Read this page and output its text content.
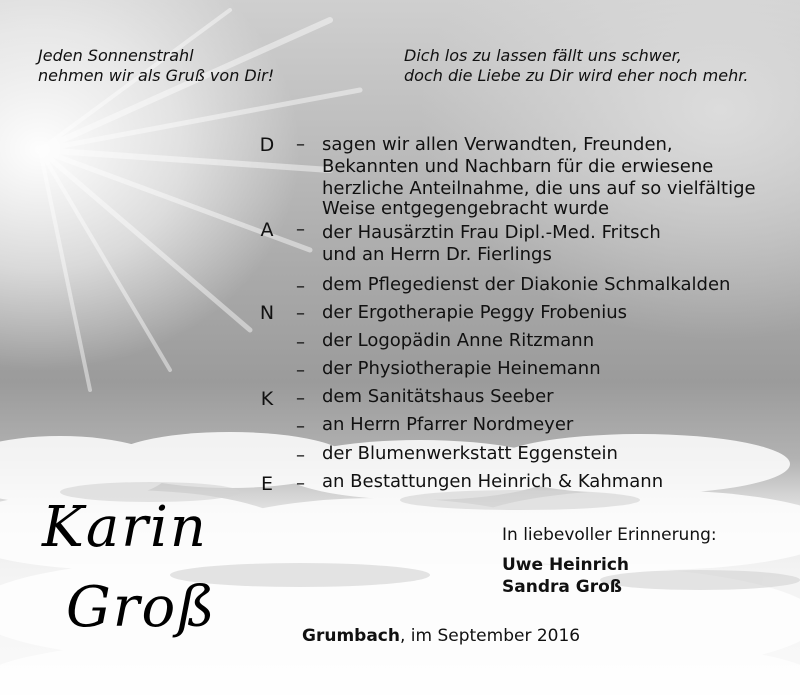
Jeden Sonnenstrahl
nehmen wir als Gruß von Dir!
Dich los zu lassen fällt uns schwer,
doch die Liebe zu Dir wird eher noch mehr.
D
A
N
K
E
–
–
–
–
–
–
–
–
–
–
sagen wir allen Verwandten, Freunden,
Bekannten und Nachbarn für die erwiesene
herzliche Anteilnahme, die uns auf so vielfältige
Weise entgegengebracht wurde
der Hausärztin Frau Dipl.-Med. Fritsch
und an Herrn Dr. Fierlings
dem Pflegedienst der Diakonie Schmalkalden
der Ergotherapie Peggy Frobenius
der Logopädin Anne Ritzmann
der Physiotherapie Heinemann
dem Sanitätshaus Seeber
an Herrn Pfarrer Nordmeyer
der Blumenwerkstatt Eggenstein
an Bestattungen Heinrich & Kahmann
Karin
Groß
In liebevoller Erinnerung:
Uwe Heinrich
Sandra Groß
Grumbach, im September 2016
